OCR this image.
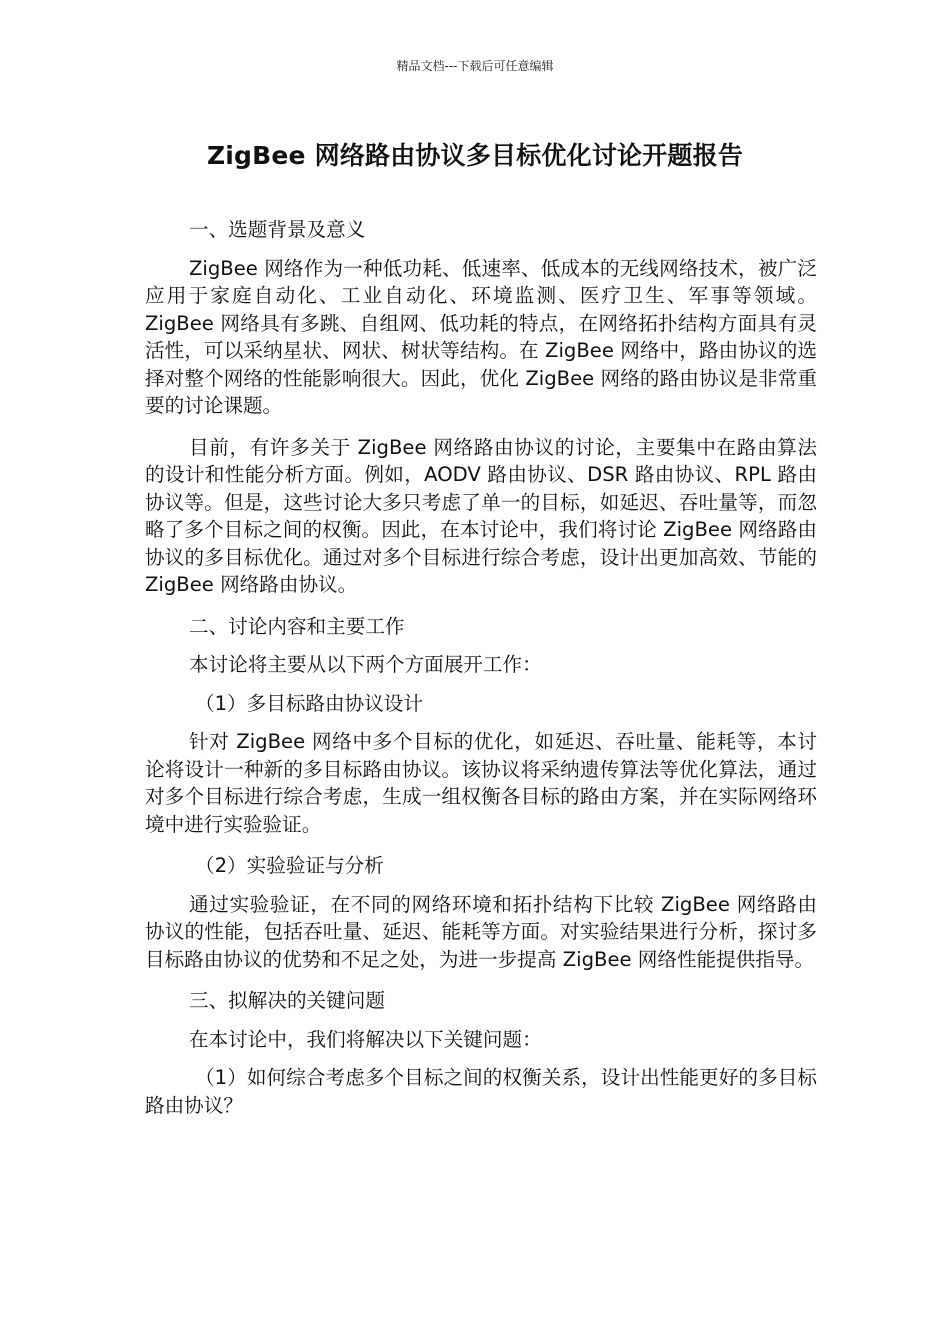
精品文档---下载后可任意编辑
ZigBee 网络路由协议多目标优化讨论开题报告

一、选题背景及意义

ZigBee 网络作为一种低功耗、低速率、低成本的无线网络技术，被广泛应用于家庭自动化、工业自动化、环境监测、医疗卫生、军事等领域。ZigBee 网络具有多跳、自组网、低功耗的特点，在网络拓扑结构方面具有灵活性，可以采纳星状、网状、树状等结构。在 ZigBee 网络中，路由协议的选择对整个网络的性能影响很大。因此，优化 ZigBee 网络的路由协议是非常重要的讨论课题。

目前，有许多关于 ZigBee 网络路由协议的讨论，主要集中在路由算法的设计和性能分析方面。例如，AODV 路由协议、DSR 路由协议、RPL 路由协议等。但是，这些讨论大多只考虑了单一的目标，如延迟、吞吐量等，而忽略了多个目标之间的权衡。因此，在本讨论中，我们将讨论 ZigBee 网络路由协议的多目标优化。通过对多个目标进行综合考虑，设计出更加高效、节能的 ZigBee 网络路由协议。

二、讨论内容和主要工作

本讨论将主要从以下两个方面展开工作：

（1）多目标路由协议设计

针对 ZigBee 网络中多个目标的优化，如延迟、吞吐量、能耗等，本讨论将设计一种新的多目标路由协议。该协议将采纳遗传算法等优化算法，通过对多个目标进行综合考虑，生成一组权衡各目标的路由方案，并在实际网络环境中进行实验验证。

（2）实验验证与分析

通过实验验证，在不同的网络环境和拓扑结构下比较 ZigBee 网络路由协议的性能，包括吞吐量、延迟、能耗等方面。对实验结果进行分析，探讨多目标路由协议的优势和不足之处，为进一步提高 ZigBee 网络性能提供指导。

三、拟解决的关键问题

在本讨论中，我们将解决以下关键问题：

（1）如何综合考虑多个目标之间的权衡关系，设计出性能更好的多目标路由协议？
